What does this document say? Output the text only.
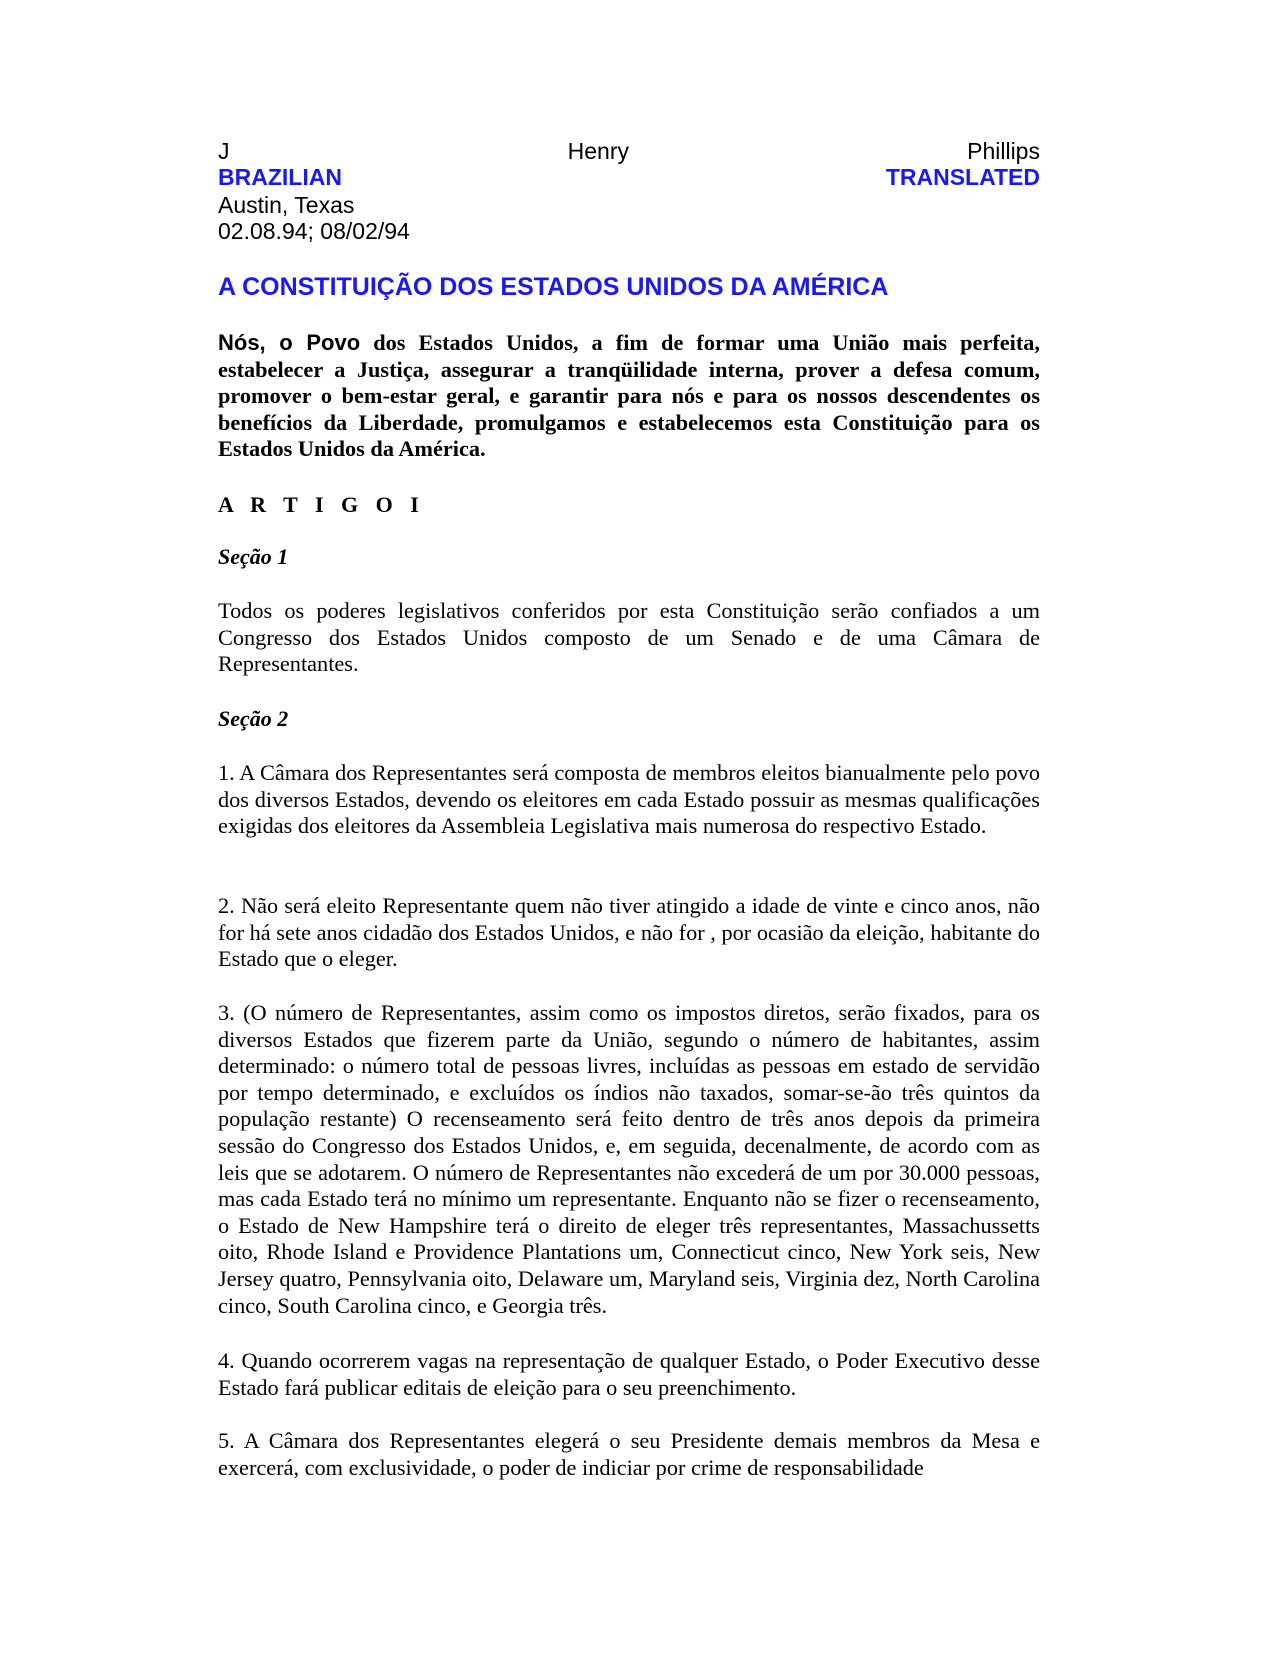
J	Henry	Phillips
BRAZILIAN	TRANSLATED
Austin, Texas
02.08.94; 08/02/94
A CONSTITUIÇÃO DOS ESTADOS UNIDOS DA AMÉRICA

Nós, o Povo dos Estados Unidos, a fim de formar uma União mais perfeita, estabelecer a Justiça, assegurar a tranqüilidade interna, prover a defesa comum, promover o bem-estar geral, e garantir para nós e para os nossos descendentes os benefícios da Liberdade, promulgamos e estabelecemos esta Constituição para os Estados Unidos da América.

A R T I G O I
Seção 1

Todos os poderes legislativos conferidos por esta Constituição serão confiados a um Congresso dos Estados Unidos composto de um Senado e de uma Câmara de Representantes.

Seção 2

1. A Câmara dos Representantes será composta de membros eleitos bianualmente pelo povo dos diversos Estados, devendo os eleitores em cada Estado possuir as mesmas qualificações exigidas dos eleitores da Assembleia Legislativa mais numerosa do respectivo Estado.

2. Não será eleito Representante quem não tiver atingido a idade de vinte e cinco anos, não for há sete anos cidadão dos Estados Unidos, e não for , por ocasião da eleição, habitante do Estado que o eleger.

3. (O número de Representantes, assim como os impostos diretos, serão fixados, para os diversos Estados que fizerem parte da União, segundo o número de habitantes, assim determinado: o número total de pessoas livres, incluídas as pessoas em estado de servidão por tempo determinado, e excluídos os índios não taxados, somar-se-ão três quintos da população restante) O recenseamento será feito dentro de três anos depois da primeira sessão do Congresso dos Estados Unidos, e, em seguida, decenalmente, de acordo com as leis que se adotarem. O número de Representantes não excederá de um por 30.000 pessoas, mas cada Estado terá no mínimo um representante. Enquanto não se fizer o recenseamento, o Estado de New Hampshire terá o direito de eleger três representantes, Massachussetts oito, Rhode Island e Providence Plantations um, Connecticut cinco, New York seis, New Jersey quatro, Pennsylvania oito, Delaware um, Maryland seis, Virginia dez, North Carolina cinco, South Carolina cinco, e Georgia três.

4. Quando ocorrerem vagas na representação de qualquer Estado, o Poder Executivo desse Estado fará publicar editais de eleição para o seu preenchimento.

5. A Câmara dos Representantes elegerá o seu Presidente demais membros da Mesa e exercerá, com exclusividade, o poder de indiciar por crime de responsabilidade
